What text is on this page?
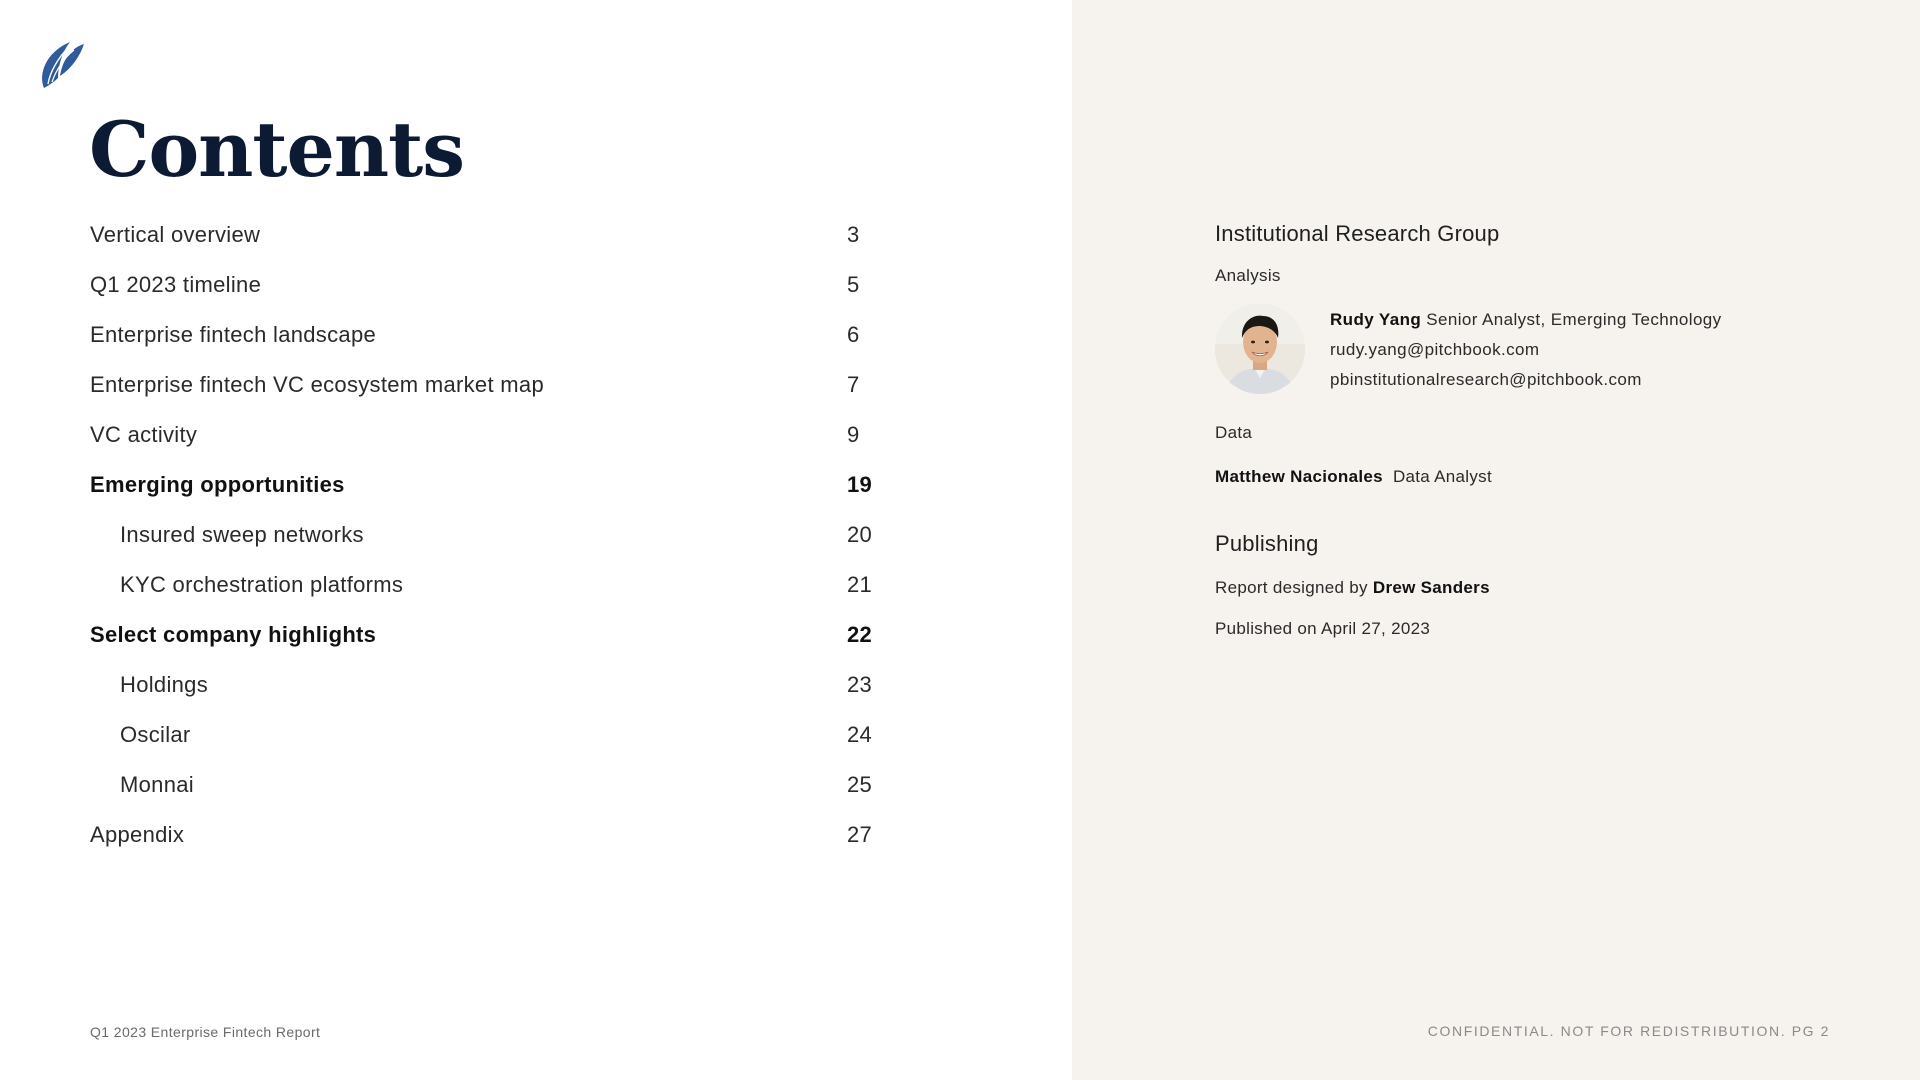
Contents
Vertical overview	3
Q1 2023 timeline	5
Enterprise fintech landscape	6
Enterprise fintech VC ecosystem market map	7
VC activity	9
Emerging opportunities	19
Insured sweep networks	20
KYC orchestration platforms	21
Select company highlights	22
Holdings	23
Oscilar	24
Monnai	25
Appendix	27
Institutional Research Group
Analysis
Rudy Yang Senior Analyst, Emerging Technology
rudy.yang@pitchbook.com
pbinstitutionalresearch@pitchbook.com
Data
Matthew Nacionales Data Analyst
Publishing
Report designed by Drew Sanders
Published on April 27, 2023
Q1 2023 Enterprise Fintech Report	CONFIDENTIAL. NOT FOR REDISTRIBUTION. PG 2
